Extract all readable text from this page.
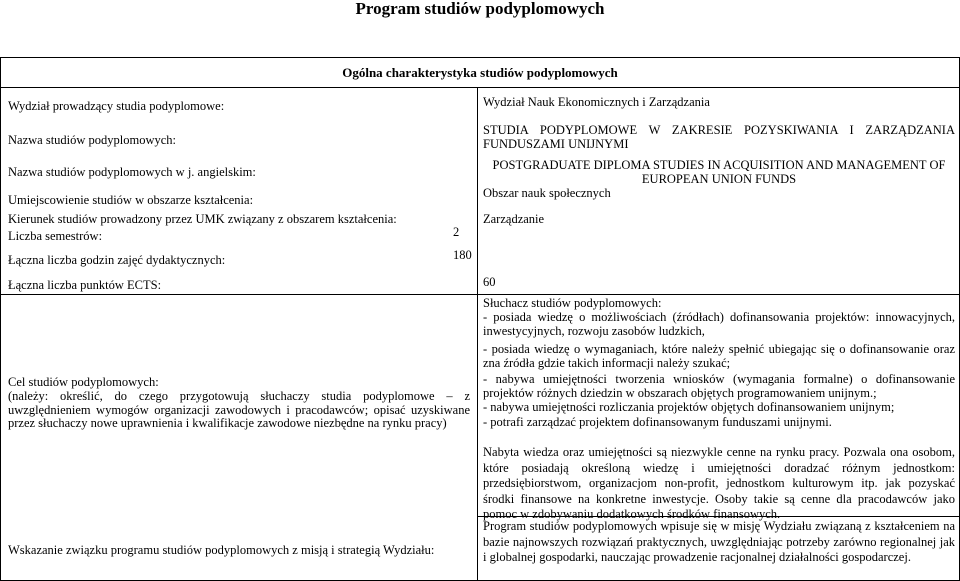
Program studiów podyplomowych
Ogólna charakterystyka studiów podyplomowych
Wydział prowadzący studia podyplomowe:
Nazwa studiów podyplomowych:
Nazwa studiów podyplomowych w j. angielskim:
Umiejscowienie studiów w obszarze kształcenia:
Kierunek studiów prowadzony przez UMK związany z obszarem kształcenia:
Liczba semestrów:
Łączna liczba godzin zajęć dydaktycznych:
Łączna liczba punktów ECTS:
2
180
Wydział Nauk Ekonomicznych i Zarządzania
STUDIA PODYPLOMOWE W ZAKRESIE POZYSKIWANIA I ZARZĄDZANIA FUNDUSZAMI UNIJNYMI
POSTGRADUATE DIPLOMA STUDIES IN ACQUISITION AND MANAGEMENT OF EUROPEAN UNION FUNDS
Obszar nauk społecznych
Zarządzanie
60
Cel studiów podyplomowych:
(należy: określić, do czego przygotowują słuchaczy studia podyplomowe – z uwzględnieniem wymogów organizacji zawodowych i pracodawców; opisać uzyskiwane przez słuchaczy nowe uprawnienia i kwalifikacje zawodowe niezbędne na rynku pracy)
Słuchacz studiów podyplomowych:
- posiada wiedzę o możliwościach (źródłach) dofinansowania projektów: innowacyjnych, inwestycyjnych, rozwoju zasobów ludzkich,
- posiada wiedzę o wymaganiach, które należy spełnić ubiegając się o dofinansowanie oraz zna źródła gdzie takich informacji należy szukać;
- nabywa umiejętności tworzenia wniosków (wymagania formalne) o dofinansowanie projektów różnych dziedzin w obszarach objętych programowaniem unijnym.;
- nabywa umiejętności rozliczania projektów objętych dofinansowaniem unijnym;
- potrafi zarządzać projektem dofinansowanym funduszami unijnymi.
Nabyta wiedza oraz umiejętności są niezwykle cenne na rynku pracy. Pozwala ona osobom, które posiadają określoną wiedzę i umiejętności doradzać różnym jednostkom: przedsiębiorstwom, organizacjom non-profit, jednostkom kulturowym itp. jak pozyskać środki finansowe na konkretne inwestycje. Osoby takie są cenne dla pracodawców jako pomoc w zdobywaniu dodatkowych środków finansowych.
Wskazanie związku programu studiów podyplomowych z misją i strategią Wydziału:
Program studiów podyplomowych wpisuje się w misję Wydziału związaną z kształceniem na bazie najnowszych rozwiązań praktycznych, uwzględniając potrzeby zarówno regionalnej jak i globalnej gospodarki, nauczając prowadzenie racjonalnej działalności gospodarczej.
